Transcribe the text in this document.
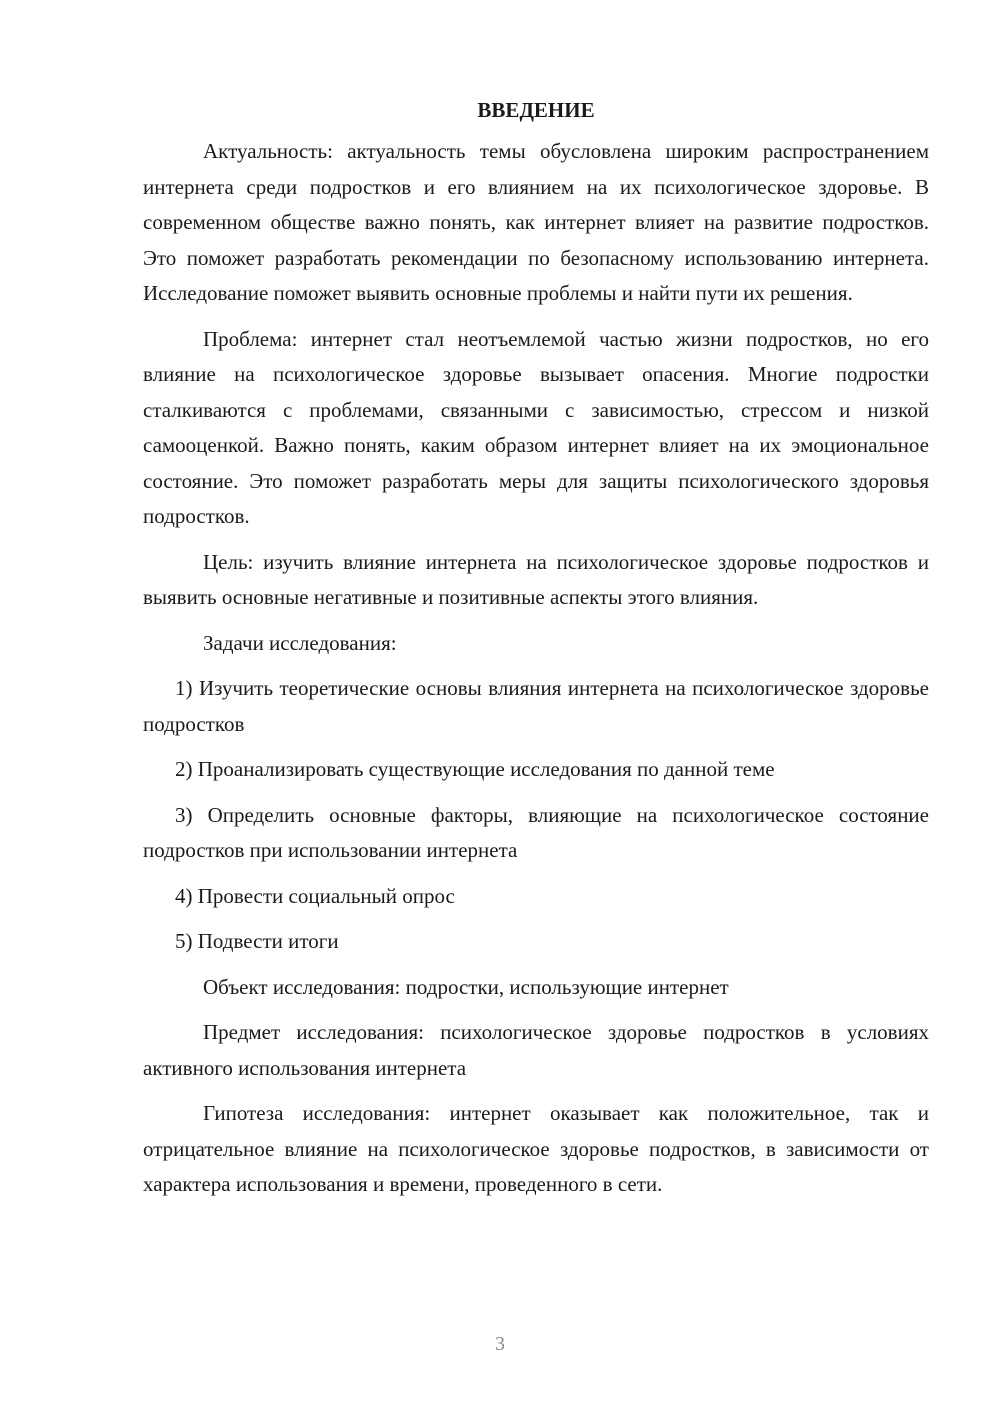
ВВЕДЕНИЕ

Актуальность: актуальность темы обусловлена широким распространением интернета среди подростков и его влиянием на их психологическое здоровье. В современном обществе важно понять, как интернет влияет на развитие подростков. Это поможет разработать рекомендации по безопасному использованию интернета. Исследование поможет выявить основные проблемы и найти пути их решения.

Проблема: интернет стал неотъемлемой частью жизни подростков, но его влияние на психологическое здоровье вызывает опасения. Многие подростки сталкиваются с проблемами, связанными с зависимостью, стрессом и низкой самооценкой. Важно понять, каким образом интернет влияет на их эмоциональное состояние. Это поможет разработать меры для защиты психологического здоровья подростков.

Цель: изучить влияние интернета на психологическое здоровье подростков и выявить основные негативные и позитивные аспекты этого влияния.

Задачи исследования:

1) Изучить теоретические основы влияния интернета на психологическое здоровье подростков

2) Проанализировать существующие исследования по данной теме

3) Определить основные факторы, влияющие на психологическое состояние подростков при использовании интернета

4) Провести социальный опрос

5) Подвести итоги

Объект исследования: подростки, использующие интернет

Предмет исследования: психологическое здоровье подростков в условиях активного использования интернета

Гипотеза исследования: интернет оказывает как положительное, так и отрицательное влияние на психологическое здоровье подростков, в зависимости от характера использования и времени, проведенного в сети.

3
